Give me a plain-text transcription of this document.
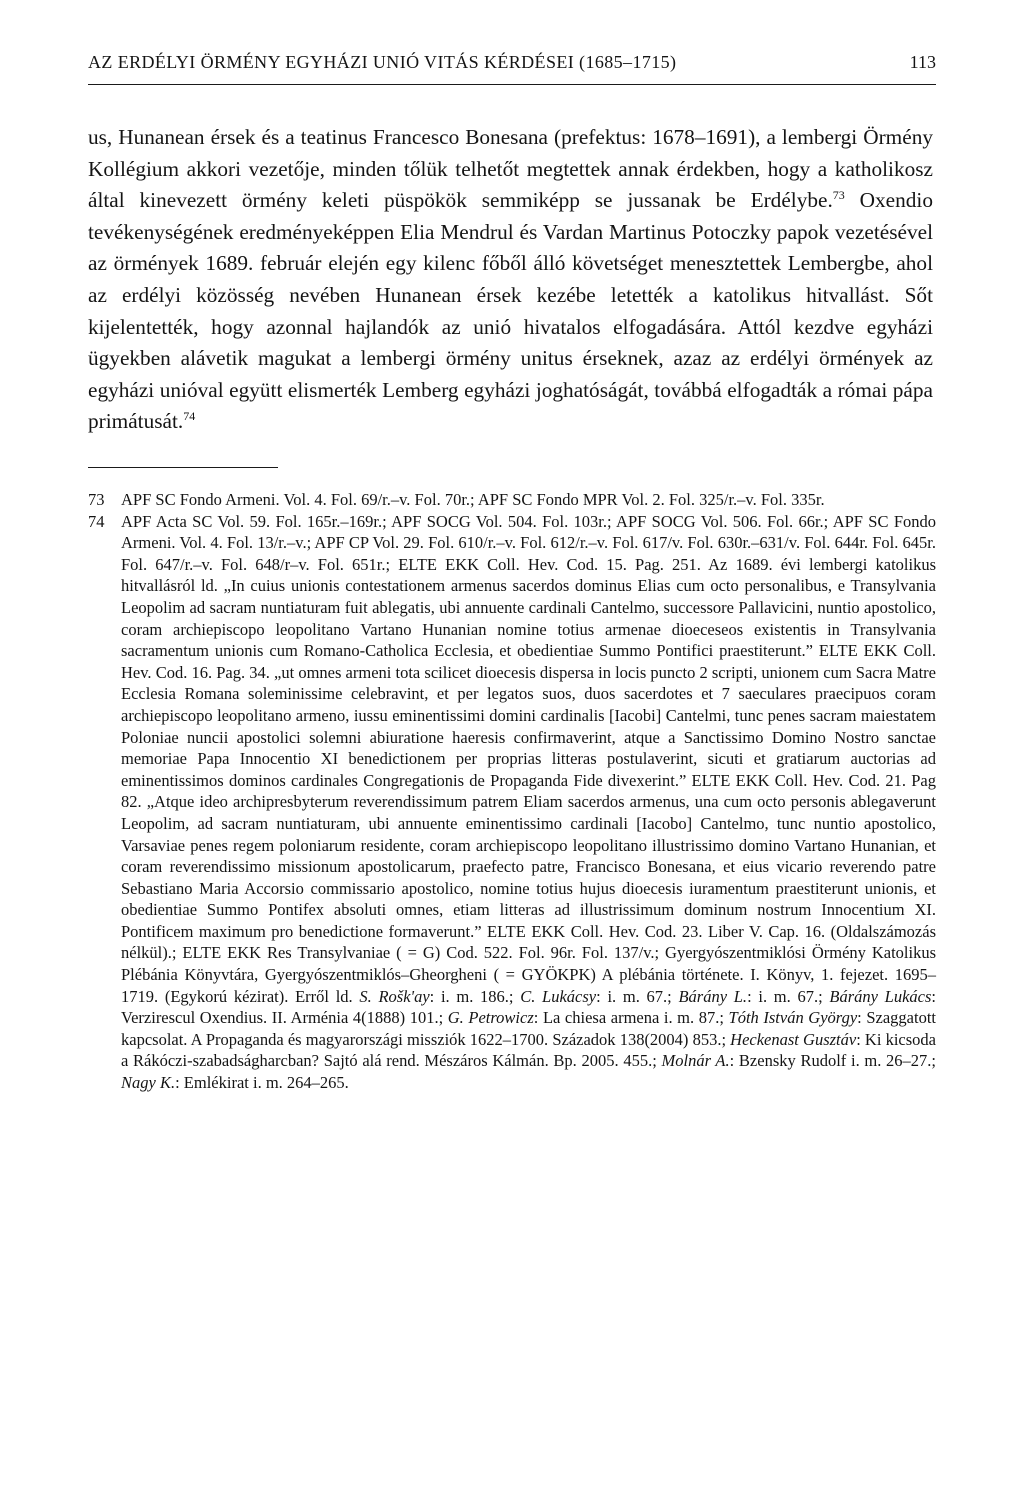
AZ ERDÉLYI ÖRMÉNY EGYHÁZI UNIÓ VITÁS KÉRDÉSEI (1685–1715)	113

us, Hunanean érsek és a teatinus Francesco Bonesana (prefektus: 1678–1691), a lembergi Örmény Kollégium akkori vezetője, minden tőlük telhetőt megtettek annak érdekben, hogy a katholikosz által kinevezett örmény keleti püspökök semmiképp se jussanak be Erdélybe.$^{73}$ Oxendio tevékenységének eredményeképpen Elia Mendrul és Vardan Martinus Potoczky papok vezetésével az örmények 1689. február elején egy kilenc főből álló követséget menesztettek Lembergbe, ahol az erdélyi közösség nevében Hunanean érsek kezébe letették a katolikus hitvallást. Sőt kijelentették, hogy azonnal hajlandók az unió hivatalos elfogadására. Attól kezdve egyházi ügyekben alávetik magukat a lembergi örmény unitus érseknek, azaz az erdélyi örmények az egyházi unióval együtt elismerték Lemberg egyházi joghatóságát, továbbá elfogadták a római pápa primátusát.$^{74}$

73 APF SC Fondo Armeni. Vol. 4. Fol. 69/r.–v. Fol. 70r.; APF SC Fondo MPR Vol. 2. Fol. 325/r.–v. Fol. 335r.

74 APF Acta SC Vol. 59. Fol. 165r.–169r.; APF SOCG Vol. 504. Fol. 103r.; APF SOCG Vol. 506. Fol. 66r.; APF SC Fondo Armeni. Vol. 4. Fol. 13/r.–v.; APF CP Vol. 29. Fol. 610/r.–v. Fol. 612/r.–v. Fol. 617/v. Fol. 630r.–631/v. Fol. 644r. Fol. 645r. Fol. 647/r.–v. Fol. 648/r–v. Fol. 651r.; ELTE EKK Coll. Hev. Cod. 15. Pag. 251. Az 1689. évi lembergi katolikus hitvallásról ld. „In cuius unionis contestationem armenus sacerdos dominus Elias cum octo personalibus, e Transylvania Leopolim ad sacram nuntiaturam fuit ablegatis, ubi annuente cardinali Cantelmo, successore Pallavicini, nuntio apostolico, coram archiepiscopo leopolitano Vartano Hunanian nomine totius armenae dioeceseos existentis in Transylvania sacramentum unionis cum Romano-Catholica Ecclesia, et obedientiae Summo Pontifici praestiterunt.” ELTE EKK Coll. Hev. Cod. 16. Pag. 34. „ut omnes armeni tota scilicet dioecesis dispersa in locis puncto 2 scripti, unionem cum Sacra Matre Ecclesia Romana soleminissime celebravint, et per legatos suos, duos sacerdotes et 7 saeculares praecipuos coram archiepiscopo leopolitano armeno, iussu eminentissimi domini cardinalis [Iacobi] Cantelmi, tunc penes sacram maiestatem Poloniae nuncii apostolici solemni abiuratione haeresis confirmaverint, atque a Sanctissimo Domino Nostro sanctae memoriae Papa Innocentio XI benedictionem per proprias litteras postulaverint, sicuti et gratiarum auctorias ad eminentissimos dominos cardinales Congregationis de Propaganda Fide divexerint.” ELTE EKK Coll. Hev. Cod. 21. Pag 82. „Atque ideo archipresbyterum reverendissimum patrem Eliam sacerdos armenus, una cum octo personis ablegaverunt Leopolim, ad sacram nuntiaturam, ubi annuente eminentissimo cardinali [Iacobo] Cantelmo, tunc nuntio apostolico, Varsaviae penes regem poloniarum residente, coram archiepiscopo leopolitano illustrissimo domino Vartano Hunanian, et coram reverendissimo missionum apostolicarum, praefecto patre, Francisco Bonesana, et eius vicario reverendo patre Sebastiano Maria Accorsio commissario apostolico, nomine totius hujus dioecesis iuramentum praestiterunt unionis, et obedientiae Summo Pontifex absoluti omnes, etiam litteras ad illustrissimum dominum nostrum Innocentium XI. Pontificem maximum pro benedictione formaverunt.” ELTE EKK Coll. Hev. Cod. 23. Liber V. Cap. 16. (Oldalszámozás nélkül).; ELTE EKK Res Transylvaniae ( = G) Cod. 522. Fol. 96r. Fol. 137/v.; Gyergyószentmiklósi Örmény Katolikus Plébánia Könyvtára, Gyergyószentmiklós–Gheorgheni ( = GYÖKPK) A plébánia története. I. Könyv, 1. fejezet. 1695–1719. (Egykorú kézirat). Erről ld. S. Rošk'ay: i. m. 186.; C. Lukácsy: i. m. 67.; Bárány L.: i. m. 67.; Bárány Lukács: Verzirescul Oxendius. II. Arménia 4(1888) 101.; G. Petrowicz: La chiesa armena i. m. 87.; Tóth István György: Szaggatott kapcsolat. A Propaganda és magyarországi missziók 1622–1700. Századok 138(2004) 853.; Heckenast Gusztáv: Ki kicsoda a Rákóczi-szabadságharcban? Sajtó alá rend. Mészáros Kálmán. Bp. 2005. 455.; Molnár A.: Bzensky Rudolf i. m. 26–27.; Nagy K.: Emlékirat i. m. 264–265.
